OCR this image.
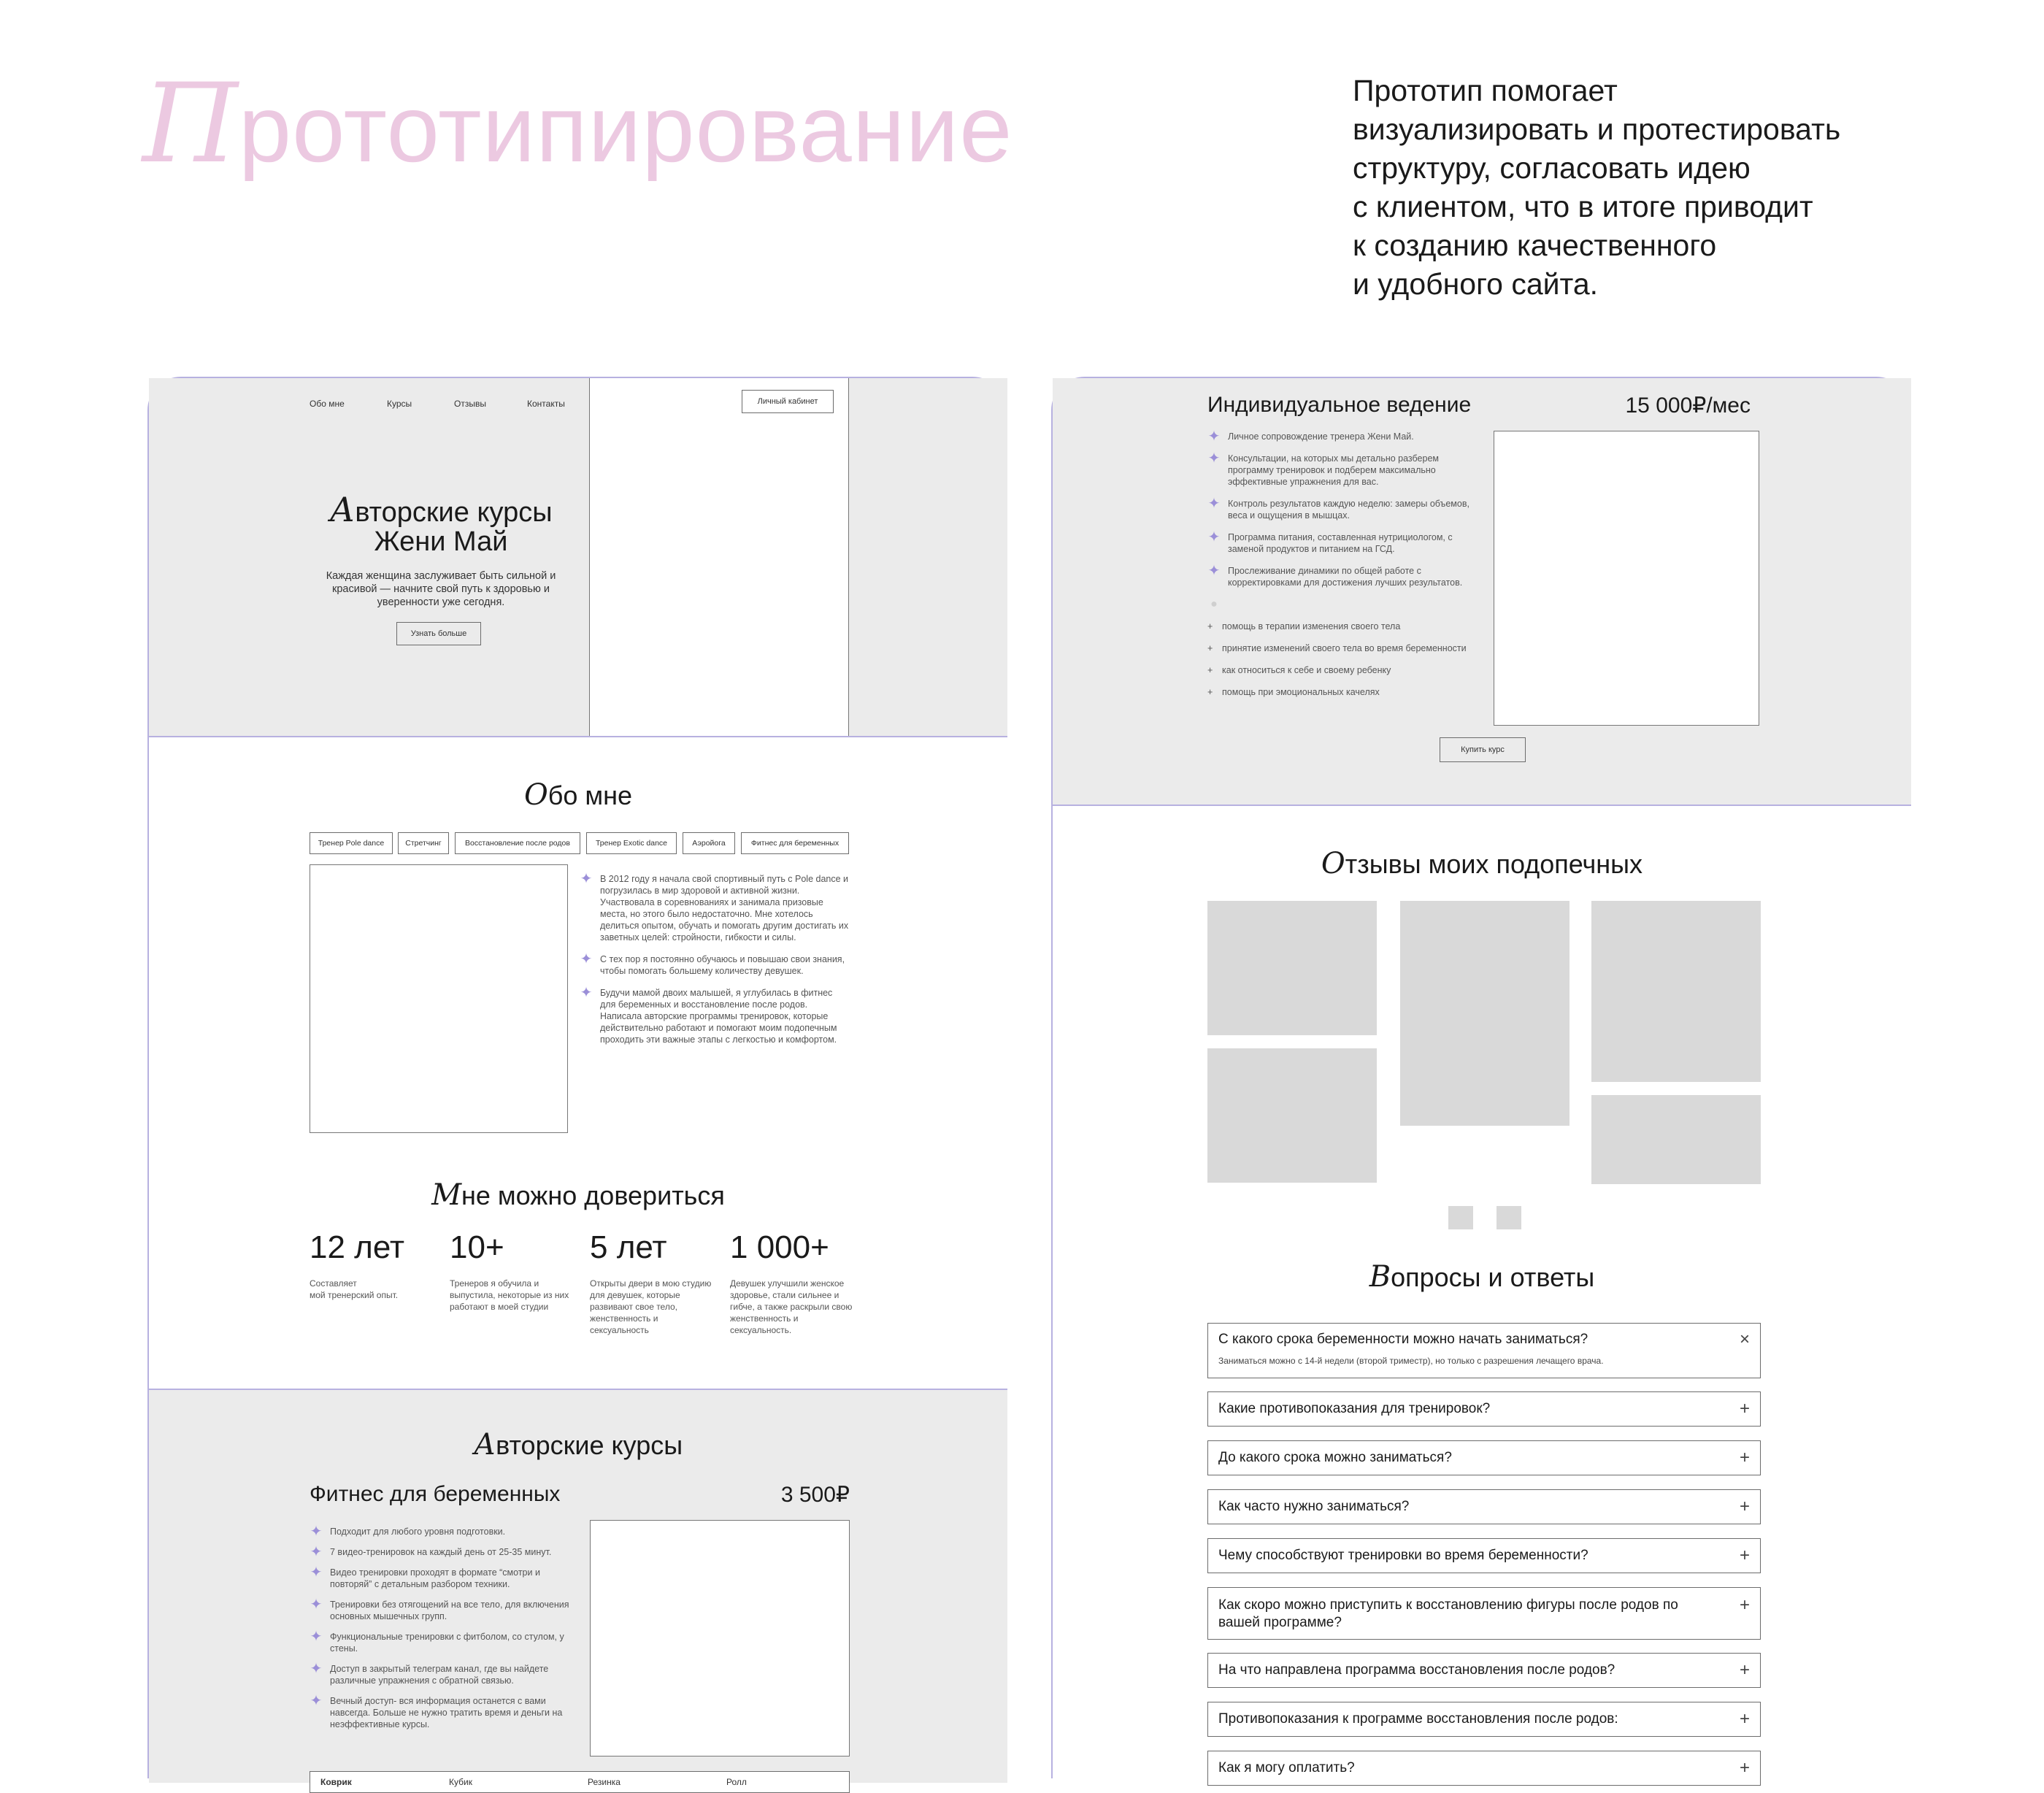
Прототипирование	Прототип помогает
визуализировать и протестировать
структуру, согласовать идею
с клиентом, что в итоге приводит
к созданию качественного
и удобного сайта.
Обо мне	Курсы	Отзывы	Контакты	Личный кабинет
Авторские курсы
Жени Май
Каждая женщина заслуживает быть сильной и красивой — начните свой путь к здоровью и уверенности уже сегодня.
Узнать больше
Обо мне
Тренер Pole dance	Стретчинг	Восстановление после родов	Тренер Exotic dance	Аэройога	Фитнес для беременных
✦ В 2012 году я начала свой спортивный путь с Pole dance и погрузилась в мир здоровой и активной жизни. Участвовала в соревнованиях и занимала призовые места, но этого было недостаточно. Мне хотелось делиться опытом, обучать и помогать другим достигать их заветных целей: стройности, гибкости и силы.
✦ С тех пор я постоянно обучаюсь и повышаю свои знания, чтобы помогать большему количеству девушек.
✦ Будучи мамой двоих малышей, я углубилась в фитнес для беременных и восстановление после родов. Написала авторские программы тренировок, которые действительно работают и помогают моим подопечным проходить эти важные этапы с легкостью и комфортом.
Мне можно довериться
12 лет
Составляет
мой тренерский опыт.
10+
Тренеров я обучила и выпустила, некоторые из них работают в моей студии
5 лет
Открыты двери в мою студию для девушек, которые развивают свое тело, женственность и сексуальность
1 000+
Девушек улучшили женское здоровье, стали сильнее и гибче, а также раскрыли свою женственность и сексуальность.
Авторские курсы
Фитнес для беременных	3 500₽
✦ Подходит для любого уровня подготовки.
✦ 7 видео-тренировок на каждый день от 25-35 минут.
✦ Видео тренировки проходят в формате “смотри и повторяй” с детальным разбором техники.
✦ Тренировки без отягощений на все тело, для включения основных мышечных групп.
✦ Функциональные тренировки с фитболом, со стулом, у стены.
✦ Доступ в закрытый телеграм канал, где вы найдете различные упражнения с обратной связью.
✦ Вечный доступ- вся информация останется с вами навсегда. Больше не нужно тратить время и деньги на неэффективные курсы.
Коврик	Кубик	Резинка	Ролл
Индивидуальное ведение	15 000₽/мес
✦ Личное сопровождение тренера Жени Май.
✦ Консультации, на которых мы детально разберем программу тренировок и подберем максимально эффективные упражнения для вас.
✦ Контроль результатов каждую неделю: замеры объемов, веса и ощущения в мышцах.
✦ Программа питания, составленная нутрициологом, с заменой продуктов и питанием на ГСД.
✦ Прослеживание динамики по общей работе с корректировками для достижения лучших результатов.
●
+ помощь в терапии изменения своего тела
+ принятие изменений своего тела во время беременности
+ как относиться к себе и своему ребенку
+ помощь при эмоциональных качелях
Купить курс
Отзывы моих подопечных
Вопросы и ответы
С какого срока беременности можно начать заниматься?
Заниматься можно с 14-й недели (второй триместр), но только с разрешения лечащего врача.
×
Какие противопоказания для тренировок?	+
До какого срока можно заниматься?	+
Как часто нужно заниматься?	+
Чему способствуют тренировки во время беременности?	+
Как скоро можно приступить к восстановлению фигуры после родов по вашей программе?
+
На что направлена программа восстановления после родов?	+
Противопоказания к программе восстановления после родов:	+
Как я могу оплатить?	+
